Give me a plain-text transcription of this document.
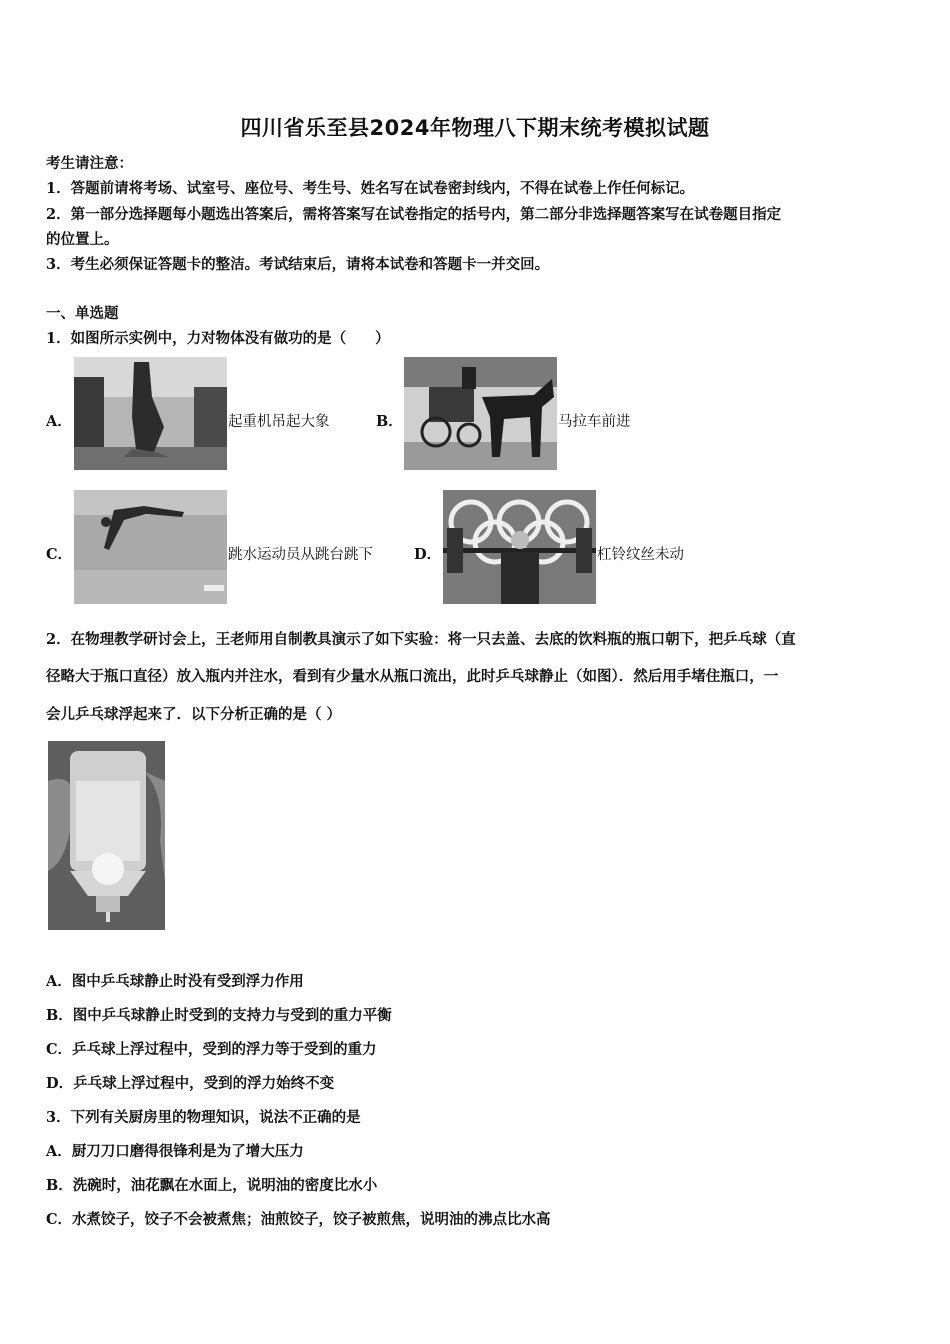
四川省乐至县2024年物理八下期末统考模拟试题
考生请注意：
1．答题前请将考场、试室号、座位号、考生号、姓名写在试卷密封线内，不得在试卷上作任何标记。
2．第一部分选择题每小题选出答案后，需将答案写在试卷指定的括号内，第二部分非选择题答案写在试卷题目指定
的位置上。
3．考生必须保证答题卡的整洁。考试结束后，请将本试卷和答题卡一并交回。
一、单选题
1．如图所示实例中，力对物体没有做功的是（　　）
A．	起重机吊起大象	B．	马拉车前进
C．	跳水运动员从跳台跳下	D．	杠铃纹丝未动
2．在物理教学研讨会上，王老师用自制教具演示了如下实验：将一只去盖、去底的饮料瓶的瓶口朝下，把乒乓球（直
径略大于瓶口直径）放入瓶内并注水，看到有少量水从瓶口流出，此时乒乓球静止（如图）．然后用手堵住瓶口，一
会儿乒乓球浮起来了．以下分析正确的是（ ）
A．图中乒乓球静止时没有受到浮力作用
B．图中乒乓球静止时受到的支持力与受到的重力平衡
C．乒乓球上浮过程中，受到的浮力等于受到的重力
D．乒乓球上浮过程中，受到的浮力始终不变
3．下列有关厨房里的物理知识，说法不正确的是
A．厨刀刀口磨得很锋利是为了增大压力
B．洗碗时，油花飘在水面上，说明油的密度比水小
C．水煮饺子，饺子不会被煮焦；油煎饺子，饺子被煎焦，说明油的沸点比水高
